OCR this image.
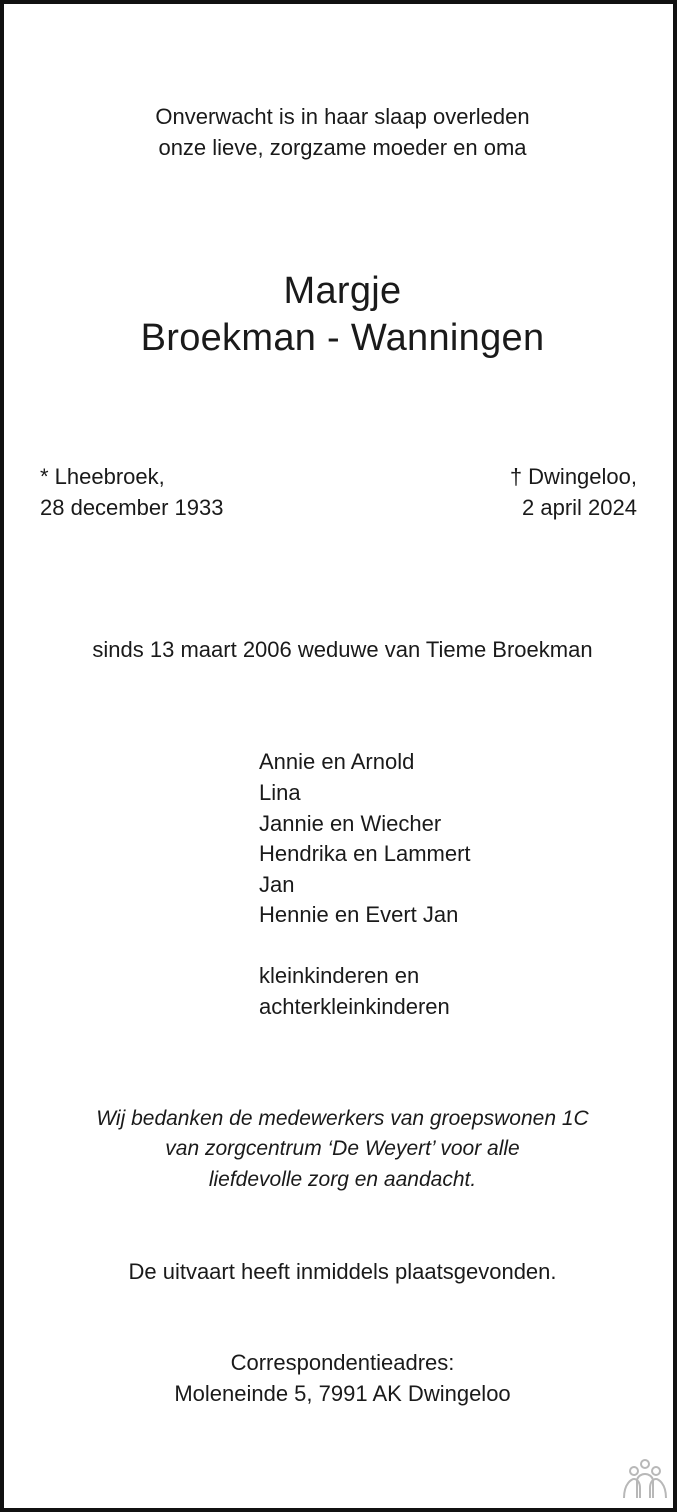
Onverwacht is in haar slaap overleden
onze lieve, zorgzame moeder en oma
Margje
Broekman - Wanningen
* Lheebroek,
28 december 1933
† Dwingeloo,
2 april 2024
sinds 13 maart 2006 weduwe van Tieme Broekman
Annie en Arnold
Lina
Jannie en Wiecher
Hendrika en Lammert
Jan
Hennie en Evert Jan
kleinkinderen en
achterkleinkinderen
Wij bedanken de medewerkers van groepswonen 1C
van zorgcentrum ‘De Weyert’ voor alle
liefdevolle zorg en aandacht.
De uitvaart heeft inmiddels plaatsgevonden.
Correspondentieadres:
Moleneinde 5, 7991 AK Dwingeloo
